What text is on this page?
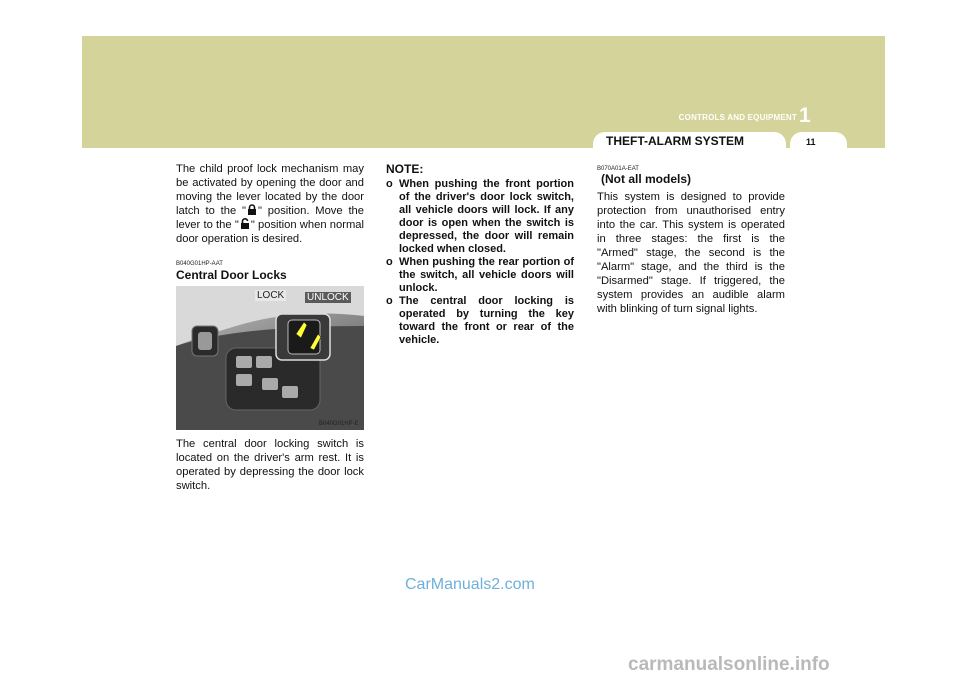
CONTROLS AND EQUIPMENT 1
THEFT-ALARM SYSTEM	11
The child proof lock mechanism may be activated by opening the door and moving the lever located by the door latch to the " " position. Move the lever to the " " position when normal door operation is desired.
B040G01HP-AAT
Central Door Locks
LOCK UNLOCK
B040G01HP-E
The central door locking switch is located on the driver's arm rest. It is operated by depressing the door lock switch.
NOTE:
o When pushing the front portion of the driver's door lock switch, all vehicle doors will lock. If any door is open when the switch is depressed, the door will remain locked when closed.
o When pushing the rear portion of the switch, all vehicle doors will unlock.
o The central door locking is operated by turning the key toward the front or rear of the vehicle.
B070A01A-EAT
(Not all models)
This system is designed to provide protection from unauthorised entry into the car. This system is operated in three stages: the first is the "Armed" stage, the second is the "Alarm" stage, and the third is the "Disarmed" stage. If triggered, the system provides an audible alarm with blinking of turn signal lights.
CarManuals2.com
carmanualsonline.info
